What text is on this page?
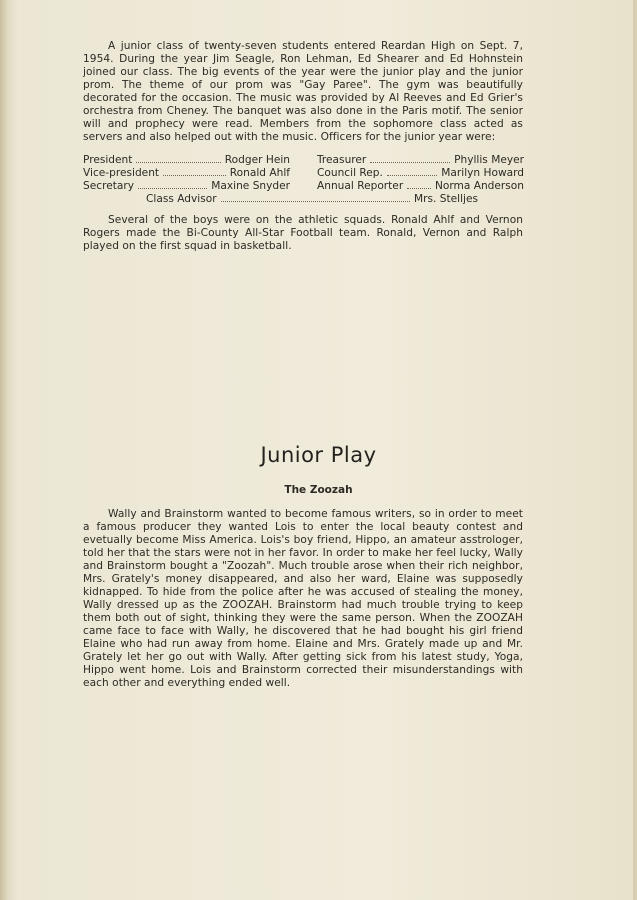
A junior class of twenty-seven students entered Reardan High on Sept. 7, 1954. During the year Jim Seagle, Ron Lehman, Ed Shearer and Ed Hohnstein joined our class. The big events of the year were the junior play and the junior prom. The theme of our prom was "Gay Paree". The gym was beautifully decorated for the occasion. The music was provided by Al Reeves and Ed Grier's orchestra from Cheney. The banquet was also done in the Paris motif. The senior will and prophecy were read. Members from the sophomore class acted as servers and also helped out with the music. Officers for the junior year were:

President	Rodger Hein
Vice-president	Ronald Ahlf
Secretary	Maxine Snyder
Treasurer	Phyllis Meyer
Council Rep.	Marilyn Howard
Annual Reporter	Norma Anderson
Class Advisor	Mrs. Stelljes

Several of the boys were on the athletic squads. Ronald Ahlf and Vernon Rogers made the Bi-County All-Star Football team. Ronald, Vernon and Ralph played on the first squad in basketball.

Junior Play
The Zoozah

Wally and Brainstorm wanted to become famous writers, so in order to meet a famous producer they wanted Lois to enter the local beauty contest and evetually become Miss America. Lois's boy friend, Hippo, an amateur asstrologer, told her that the stars were not in her favor. In order to make her feel lucky, Wally and Brainstorm bought a "Zoozah". Much trouble arose when their rich neighbor, Mrs. Grately's money disappeared, and also her ward, Elaine was supposedly kidnapped. To hide from the police after he was accused of stealing the money, Wally dressed up as the ZOOZAH. Brainstorm had much trouble trying to keep them both out of sight, thinking they were the same person. When the ZOOZAH came face to face with Wally, he discovered that he had bought his girl friend Elaine who had run away from home. Elaine and Mrs. Grately made up and Mr. Grately let her go out with Wally. After getting sick from his latest study, Yoga, Hippo went home. Lois and Brainstorm corrected their misunderstandings with each other and everything ended well.
